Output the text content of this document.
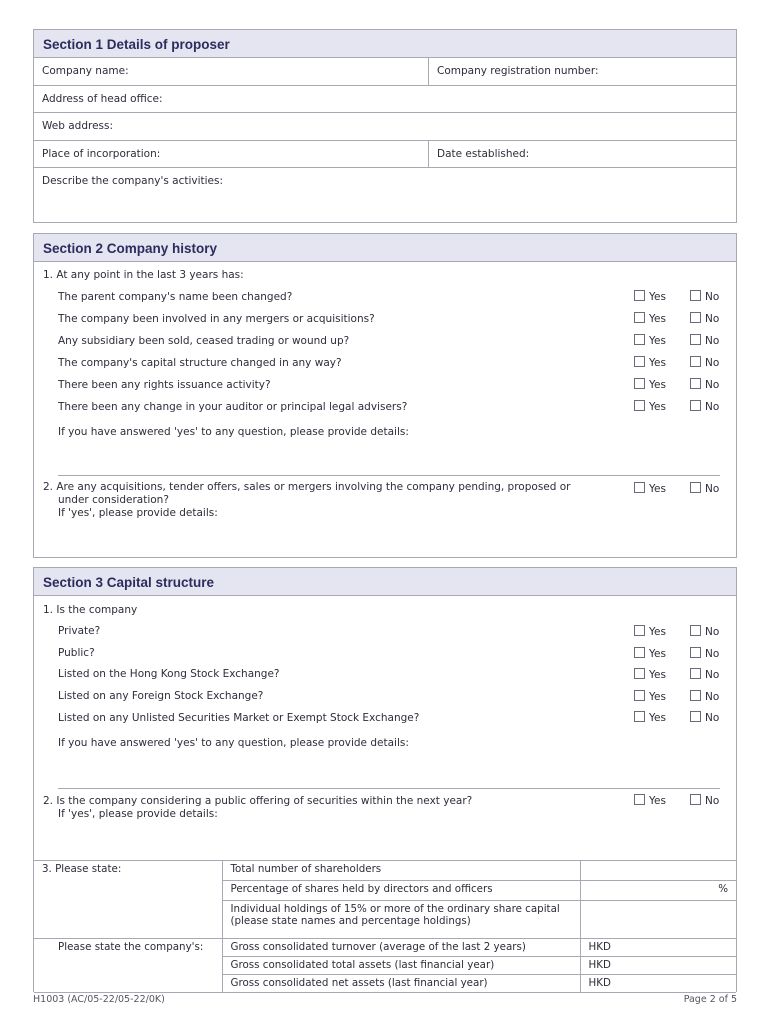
Section 1 Details of proposer
Company name:	Company registration number:
Address of head office:
Web address:
Place of incorporation:	Date established:
Describe the company's activities:
Section 2 Company history
1. At any point in the last 3 years has:
The parent company's name been changed?	Yes	No
The company been involved in any mergers or acquisitions?	Yes	No
Any subsidiary been sold, ceased trading or wound up?	Yes	No
The company's capital structure changed in any way?	Yes	No
There been any rights issuance activity?	Yes	No
There been any change in your auditor or principal legal advisers?	Yes	No
If you have answered 'yes' to any question, please provide details:
2. Are any acquisitions, tender offers, sales or mergers involving the company pending, proposed or
under consideration?
If 'yes', please provide details:
Yes	No
Section 3 Capital structure
1. Is the company
Private?	Yes	No
Public?	Yes	No
Listed on the Hong Kong Stock Exchange?	Yes	No
Listed on any Foreign Stock Exchange?	Yes	No
Listed on any Unlisted Securities Market or Exempt Stock Exchange?	Yes	No
If you have answered 'yes' to any question, please provide details:
2. Is the company considering a public offering of securities within the next year?
If 'yes', please provide details:
Yes	No
3. Please state:	Total number of shareholders	
	Percentage of shares held by directors and officers	%
	Individual holdings of 15% or more of the ordinary share capital
(please state names and percentage holdings)	
Please state the company's:	Gross consolidated turnover (average of the last 2 years)	HKD
	Gross consolidated total assets (last financial year)	HKD
	Gross consolidated net assets (last financial year)	HKD
H1003 (AC/05-22/05-22/0K)	Page 2 of 5
